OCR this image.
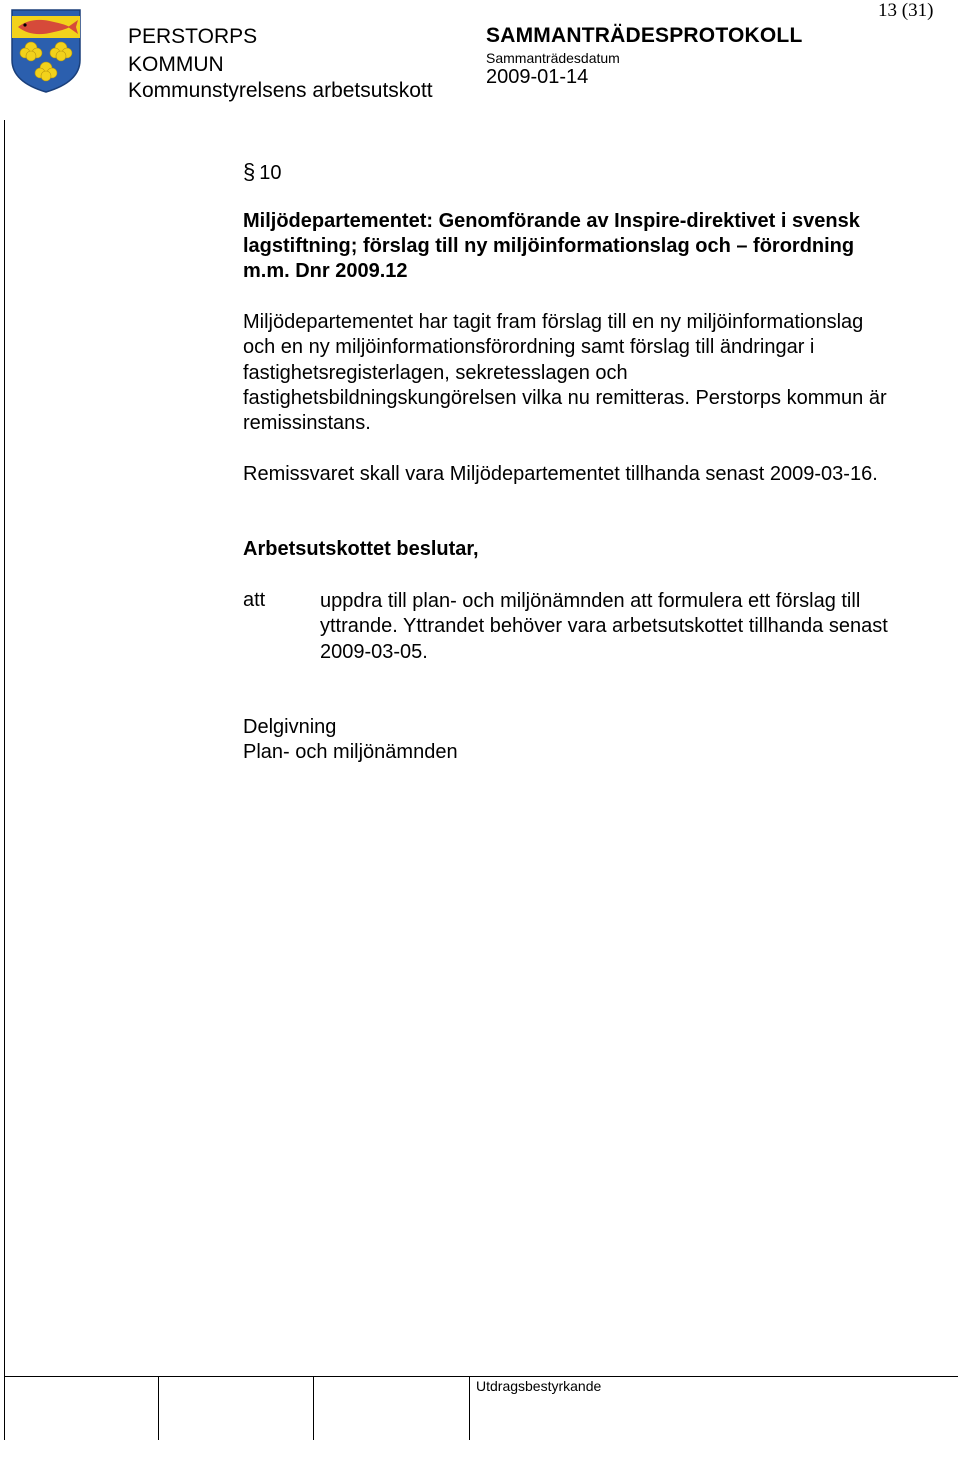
13 (31)
PERSTORPS
KOMMUN
Kommunstyrelsens arbetsutskott
SAMMANTRÄDESPROTOKOLL
Sammanträdesdatum
2009-01-14
§ 10
Miljödepartementet: Genomförande av Inspire-direktivet i svensk lagstiftning; förslag till ny miljöinformationslag och – förordning m.m. Dnr 2009.12
Miljödepartementet har tagit fram förslag till en ny miljöinformationslag och en ny miljöinformationsförordning samt förslag till ändringar i fastighetsregisterlagen, sekretesslagen och fastighetsbildningskungörelsen vilka nu remitteras. Perstorps kommun är remissinstans.
Remissvaret skall vara Miljödepartementet tillhanda senast 2009-03-16.
Arbetsutskottet beslutar,
att	uppdra till plan- och miljönämnden att formulera ett förslag till yttrande. Yttrandet behöver vara arbetsutskottet tillhanda senast 2009-03-05.
Delgivning
Plan- och miljönämnden
Utdragsbestyrkande
